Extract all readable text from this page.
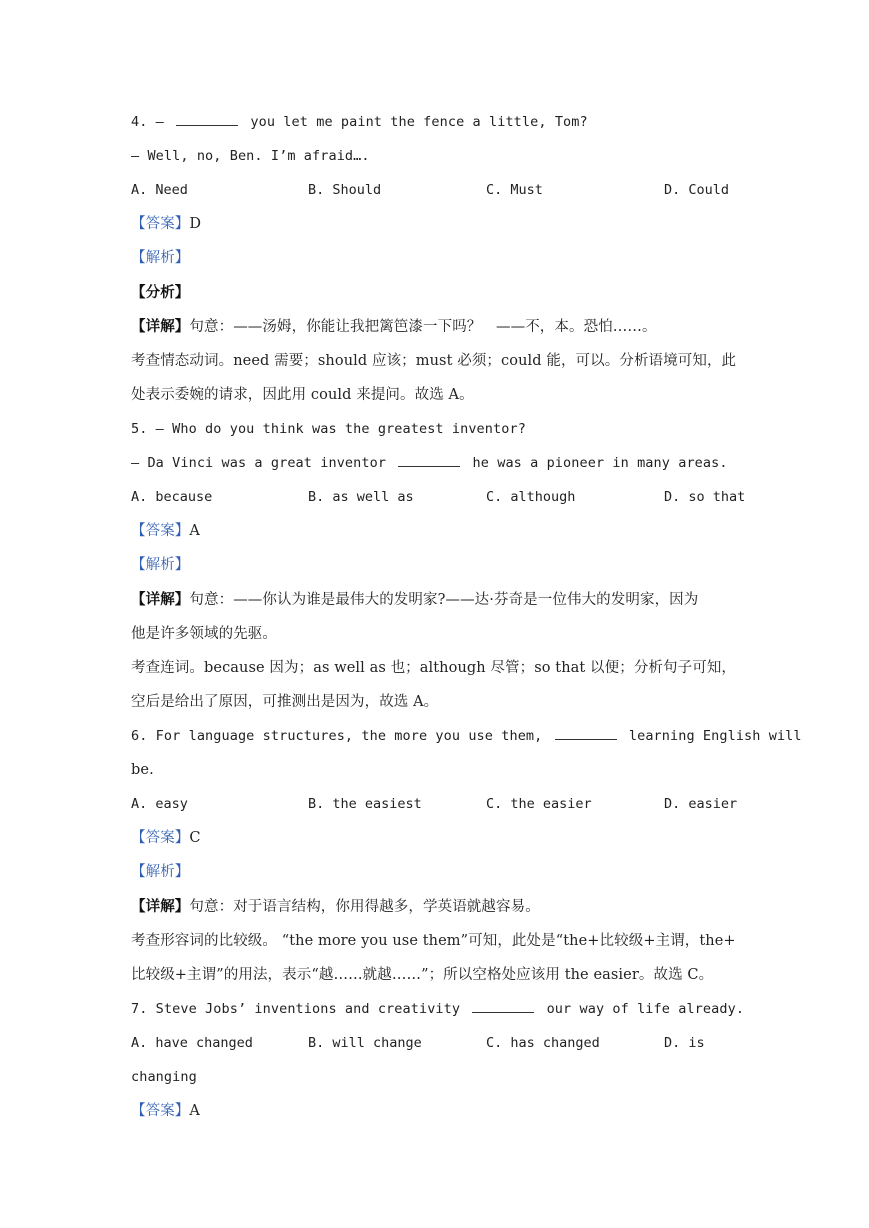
4. —	you let me paint the fence a little, Tom?
— Well, no, Ben. I’m afraid….
A. Need	B. Should	C. Must	D. Could
【答案】D
【解析】
【分析】
【详解】句意：——汤姆，你能让我把篱笆漆一下吗？　——不，本。恐怕……。
考查情态动词。need 需要；should 应该；must 必须；could 能，可以。分析语境可知，此
处表示委婉的请求，因此用 could 来提问。故选 A。
5. — Who do you think was the greatest inventor?
— Da Vinci was a great inventor	he was a pioneer in many areas.
A. because	B. as well as	C. although	D. so that
【答案】A
【解析】
【详解】句意：——你认为谁是最伟大的发明家?——达·芬奇是一位伟大的发明家，因为
他是许多领域的先驱。
考查连词。because 因为；as well as 也；although 尽管；so that 以便；分析句子可知，
空后是给出了原因，可推测出是因为，故选 A。
6. For language structures, the more you use them,	learning English will
be.
A. easy	B. the easiest	C. the easier	D. easier
【答案】C
【解析】
【详解】句意：对于语言结构，你用得越多，学英语就越容易。
考查形容词的比较级。 “the more you use them”可知，此处是“the+比较级+主谓，the+
比较级+主谓”的用法，表示“越……就越……”；所以空格处应该用 the easier。故选 C。
7. Steve Jobs’ inventions and creativity	our way of life already.
A. have changed	B. will change	C. has changed	D. is
changing
【答案】A
